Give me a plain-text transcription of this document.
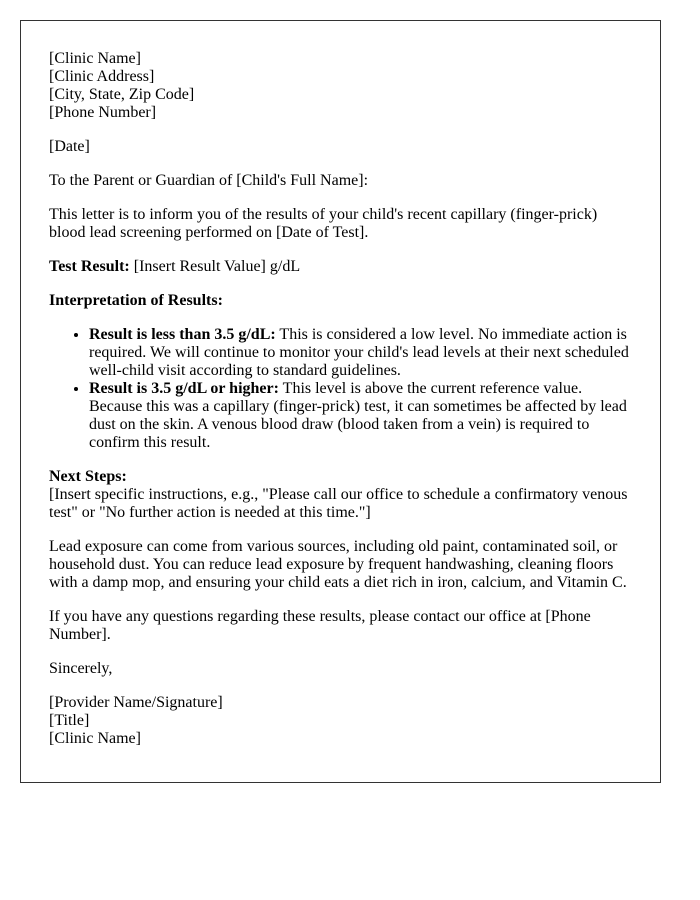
[Clinic Name]
[Clinic Address]
[City, State, Zip Code]
[Phone Number]

[Date]

To the Parent or Guardian of [Child's Full Name]:

This letter is to inform you of the results of your child's recent capillary (finger-prick) blood lead screening performed on [Date of Test].

Test Result: [Insert Result Value] g/dL

Interpretation of Results:

• Result is less than 3.5 g/dL: This is considered a low level. No immediate action is required. We will continue to monitor your child's lead levels at their next scheduled well-child visit according to standard guidelines.
• Result is 3.5 g/dL or higher: This level is above the current reference value. Because this was a capillary (finger-prick) test, it can sometimes be affected by lead dust on the skin. A venous blood draw (blood taken from a vein) is required to confirm this result.
Next Steps:
[Insert specific instructions, e.g., "Please call our office to schedule a confirmatory venous test" or "No further action is needed at this time."]

Lead exposure can come from various sources, including old paint, contaminated soil, or household dust. You can reduce lead exposure by frequent handwashing, cleaning floors with a damp mop, and ensuring your child eats a diet rich in iron, calcium, and Vitamin C.

If you have any questions regarding these results, please contact our office at [Phone Number].

Sincerely,

[Provider Name/Signature]
[Title]
[Clinic Name]
